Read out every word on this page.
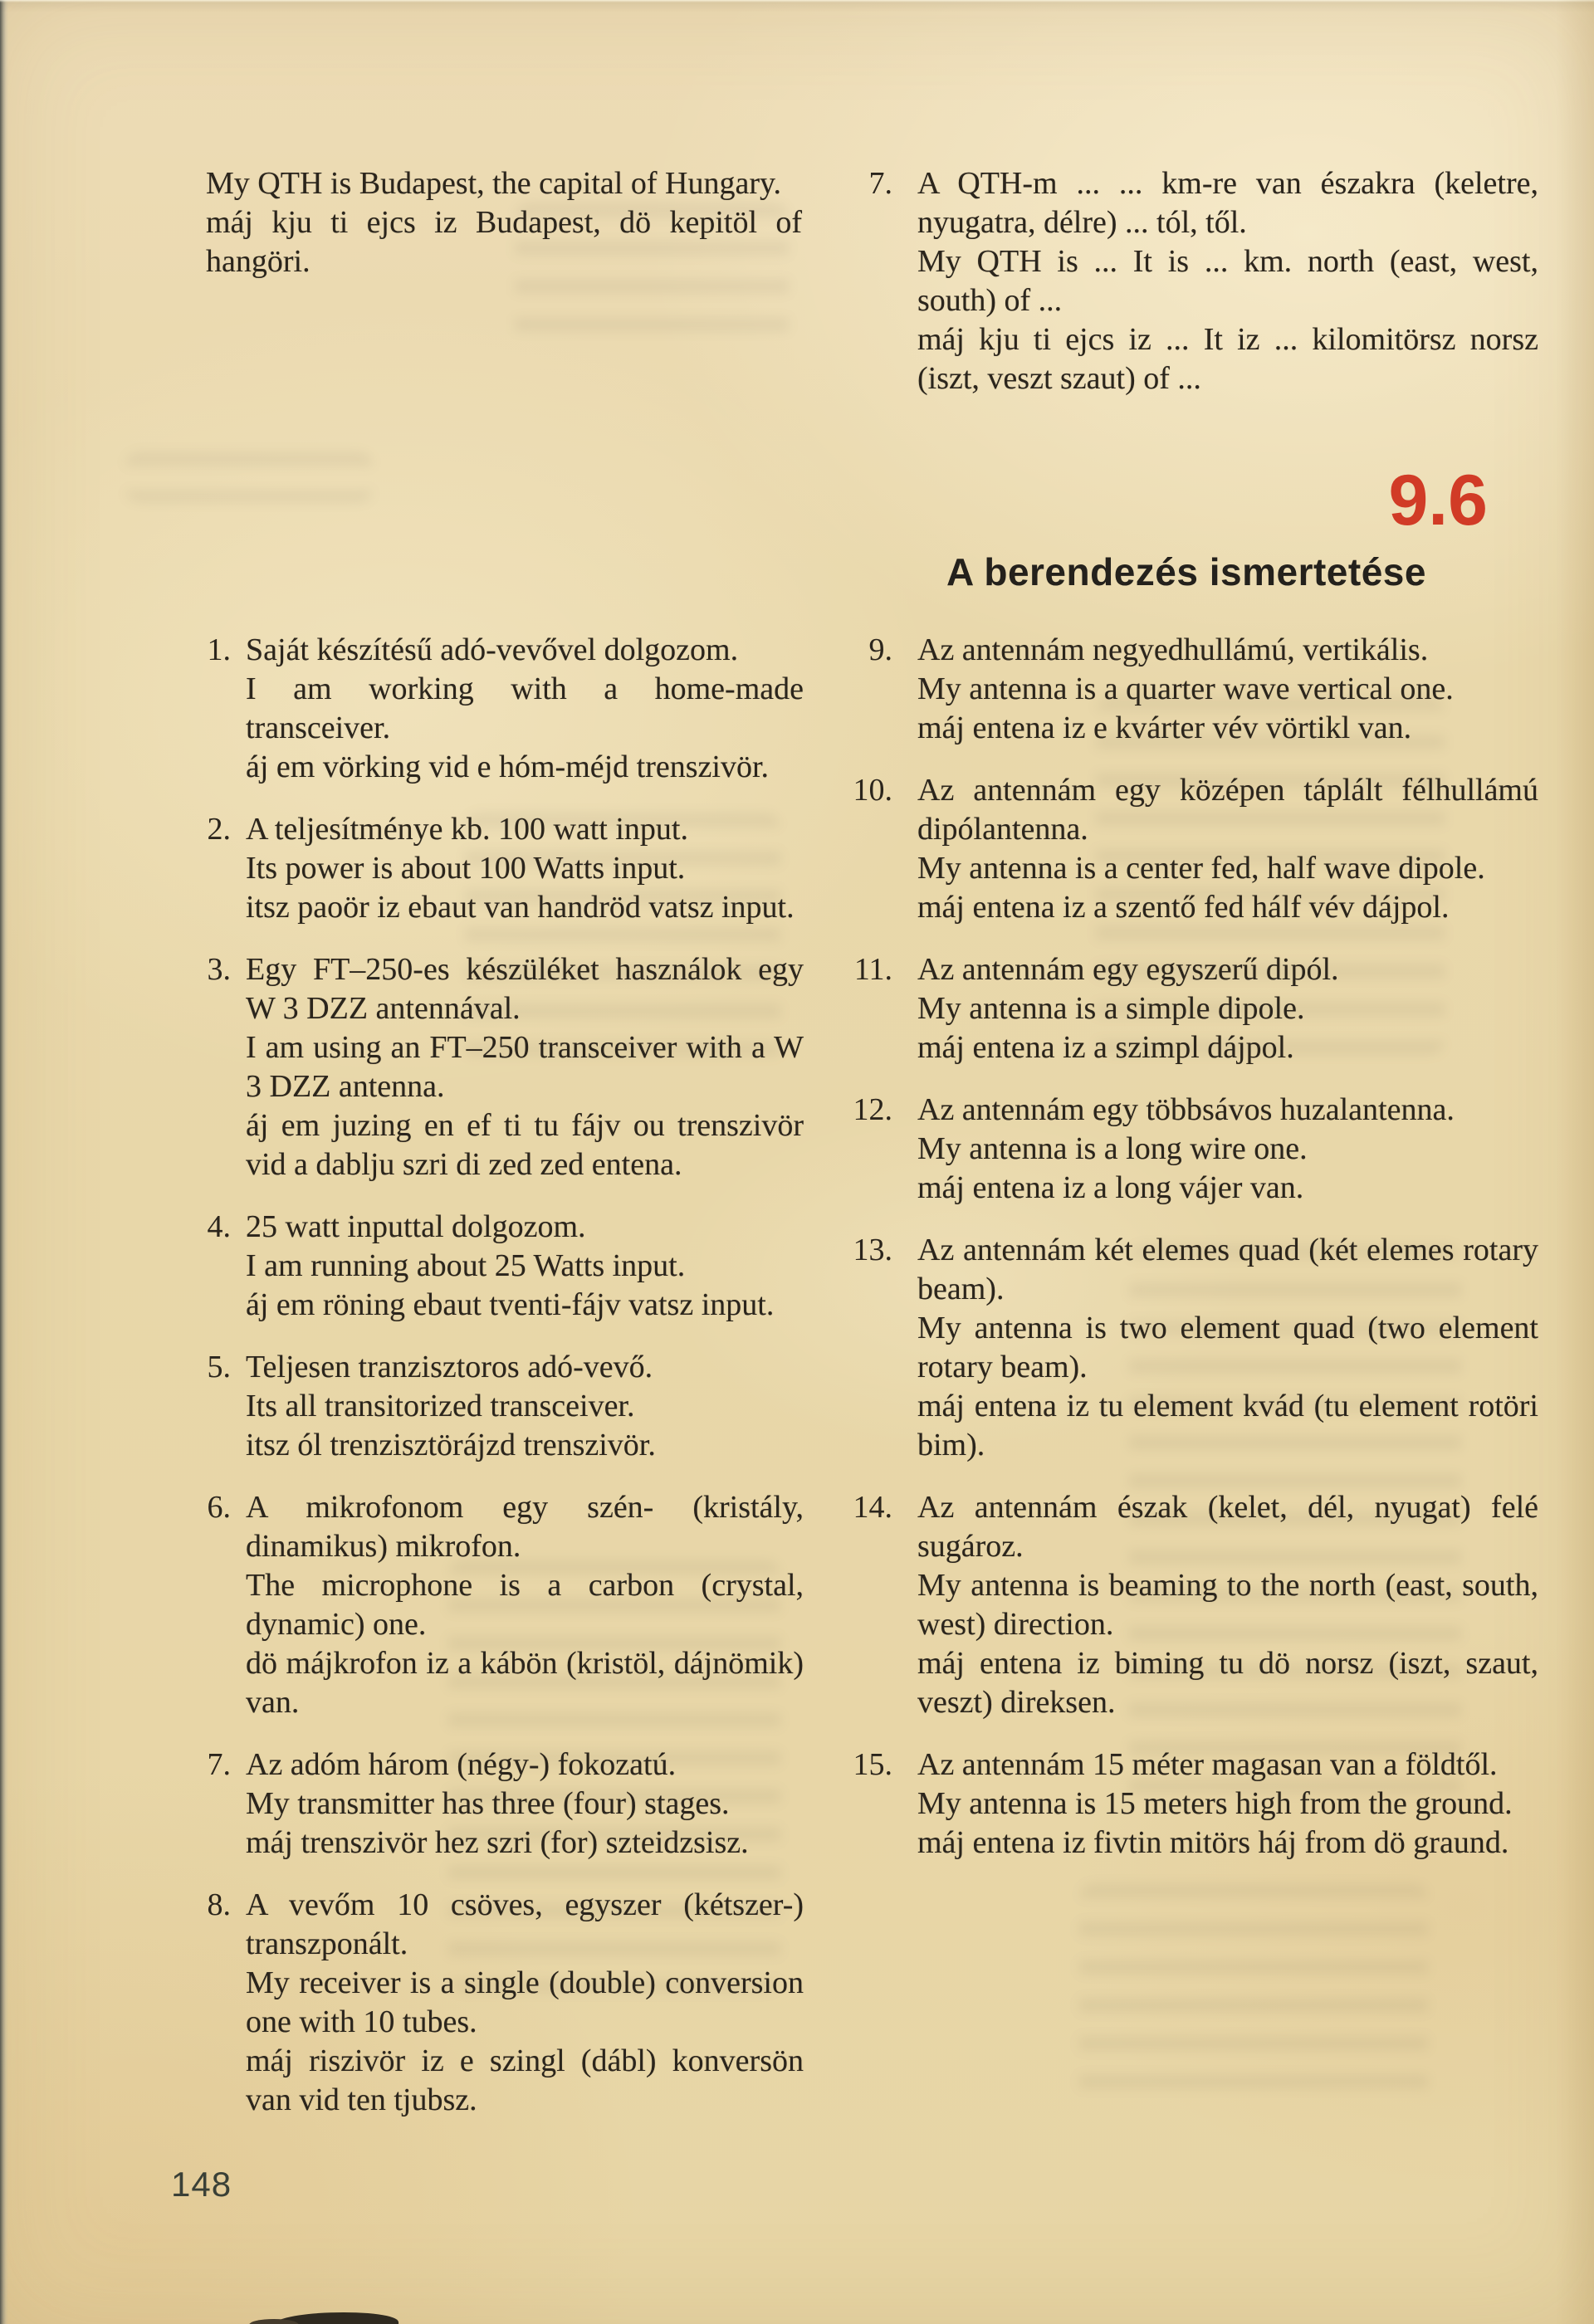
My QTH is Budapest, the capital of Hungary.

máj kju ti ejcs iz Budapest, dö kepitöl of hangöri.

7. A QTH-m ... ... km-re van északra (keletre, nyugatra, délre) ... tól, től.

My QTH is ... It is ... km. north (east, west, south) of ...

máj kju ti ejcs iz ... It iz ... kilomitörsz norsz (iszt, veszt szaut) of ...

9.6
A berendezés ismertetése
1. Saját készítésű adó-vevővel dolgozom.

I am working with a home-made transceiver.

áj em vörking vid e hóm-méjd trenszivör.

2. A teljesítménye kb. 100 watt input.

Its power is about 100 Watts input.

itsz paoör iz ebaut van handröd vatsz input.

3. Egy FT–250-es készüléket használok egy W 3 DZZ antennával.

I am using an FT–250 transceiver with a W 3 DZZ antenna.

áj em juzing en ef ti tu fájv ou trenszivör vid a dablju szri di zed zed entena.

4. 25 watt inputtal dolgozom.

I am running about 25 Watts input.

áj em röning ebaut tventi-fájv vatsz input.

5. Teljesen tranzisztoros adó-vevő.

Its all transitorized transceiver.

itsz ól trenzisztörájzd trenszivör.

6. A mikrofonom egy szén- (kristály, dinamikus) mikrofon.

The microphone is a carbon (crystal, dynamic) one.

dö májkrofon iz a kábön (kristöl, dájnömik) van.

7. Az adóm három (négy-) fokozatú.

My transmitter has three (four) stages.

máj trenszivör hez szri (for) szteidzsisz.

8. A vevőm 10 csöves, egyszer (kétszer-) transzponált.

My receiver is a single (double) conversion one with 10 tubes.

máj riszivör iz e szingl (dábl) konversön van vid ten tjubsz.

9. Az antennám negyedhullámú, vertikális.

My antenna is a quarter wave vertical one.

máj entena iz e kvárter vév vörtikl van.

10. Az antennám egy középen táplált félhullámú dipólantenna.

My antenna is a center fed, half wave dipole.

máj entena iz a szentő fed hálf vév dájpol.

11. Az antennám egy egyszerű dipól.

My antenna is a simple dipole.

máj entena iz a szimpl dájpol.

12. Az antennám egy többsávos huzalantenna.

My antenna is a long wire one.

máj entena iz a long vájer van.

13. Az antennám két elemes quad (két elemes rotary beam).

My antenna is two element quad (two element rotary beam).

máj entena iz tu element kvád (tu element rotöri bim).

14. Az antennám észak (kelet, dél, nyugat) felé sugároz.

My antenna is beaming to the north (east, south, west) direction.

máj entena iz biming tu dö norsz (iszt, szaut, veszt) direksen.

15. Az antennám 15 méter magasan van a földtől.

My antenna is 15 meters high from the ground.

máj entena iz fivtin mitörs háj from dö graund.

148
